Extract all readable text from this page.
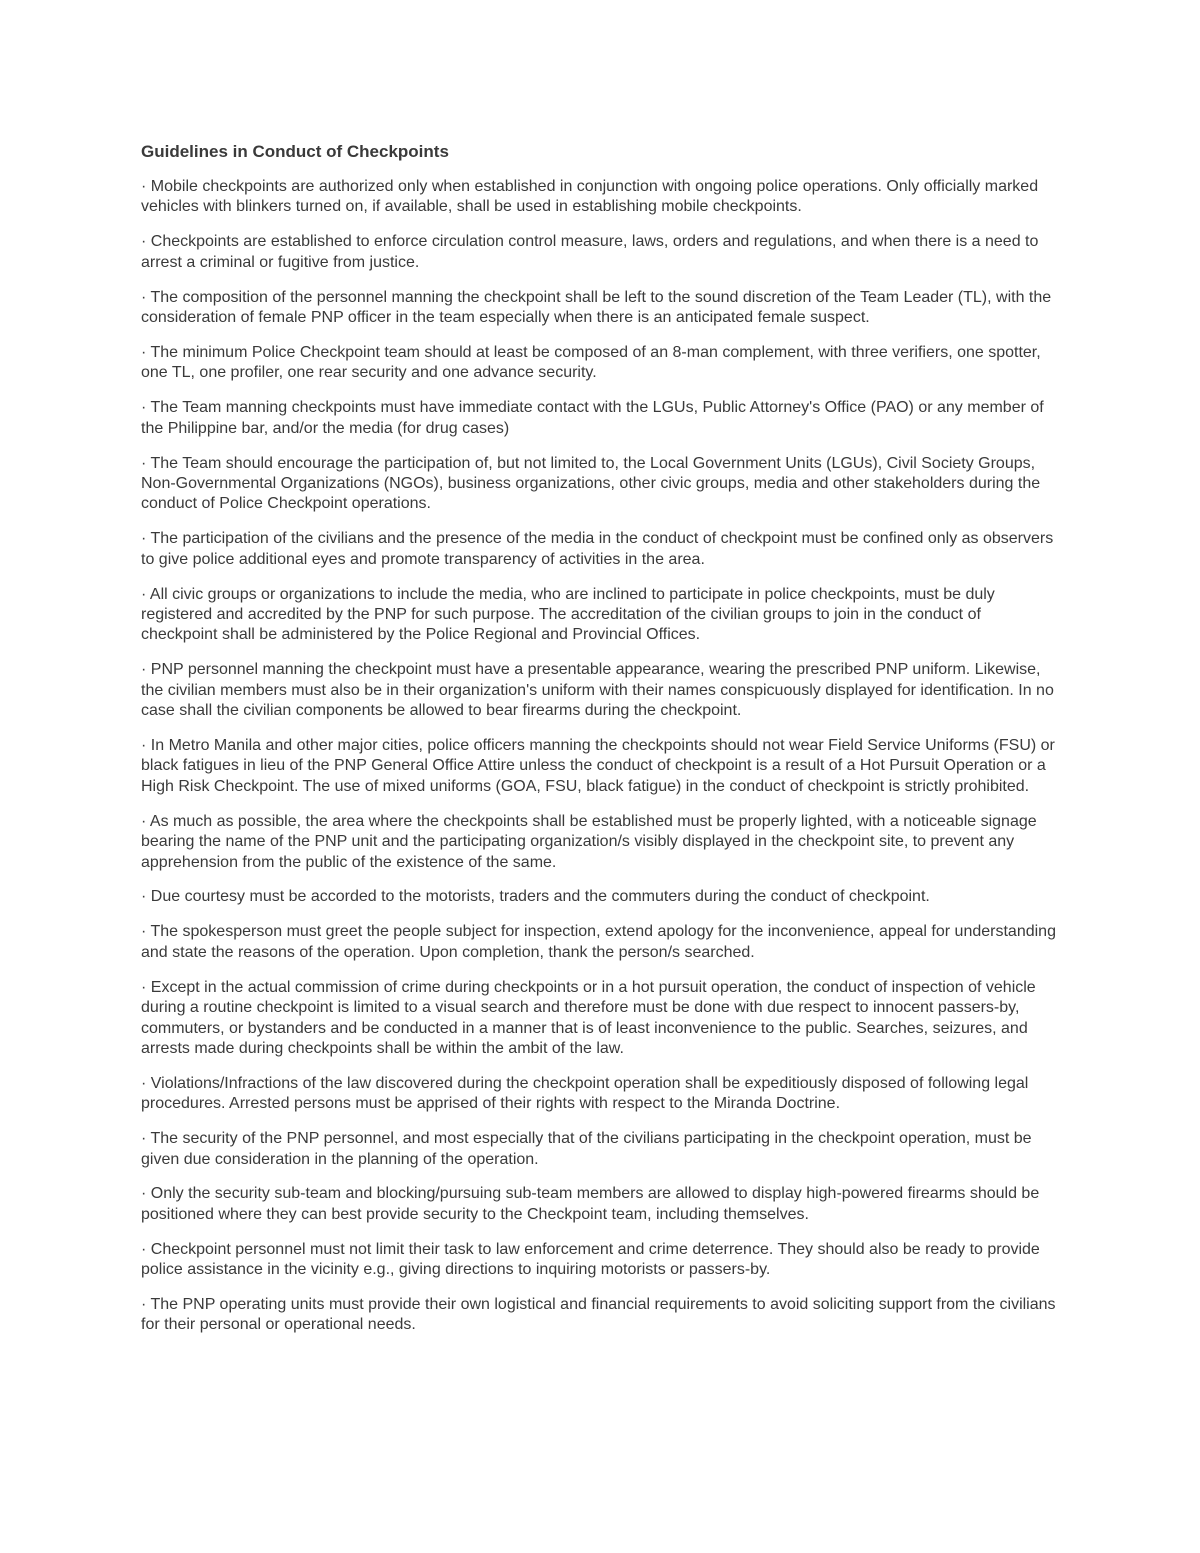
Guidelines in Conduct of Checkpoints
· Mobile checkpoints are authorized only when established in conjunction with ongoing police operations. Only officially marked vehicles with blinkers turned on, if available, shall be used in establishing mobile checkpoints.
· Checkpoints are established to enforce circulation control measure, laws, orders and regulations, and when there is a need to arrest a criminal or fugitive from justice.
· The composition of the personnel manning the checkpoint shall be left to the sound discretion of the Team Leader (TL), with the consideration of female PNP officer in the team especially when there is an anticipated female suspect.
· The minimum Police Checkpoint team should at least be composed of an 8-man complement, with three verifiers, one spotter, one TL, one profiler, one rear security and one advance security.
· The Team manning checkpoints must have immediate contact with the LGUs, Public Attorney's Office (PAO) or any member of the Philippine bar, and/or the media (for drug cases)
· The Team should encourage the participation of, but not limited to, the Local Government Units (LGUs), Civil Society Groups, Non-Governmental Organizations (NGOs), business organizations, other civic groups, media and other stakeholders during the conduct of Police Checkpoint operations.
· The participation of the civilians and the presence of the media in the conduct of checkpoint must be confined only as observers to give police additional eyes and promote transparency of activities in the area.
· All civic groups or organizations to include the media, who are inclined to participate in police checkpoints, must be duly registered and accredited by the PNP for such purpose. The accreditation of the civilian groups to join in the conduct of checkpoint shall be administered by the Police Regional and Provincial Offices.
· PNP personnel manning the checkpoint must have a presentable appearance, wearing the prescribed PNP uniform. Likewise, the civilian members must also be in their organization's uniform with their names conspicuously displayed for identification. In no case shall the civilian components be allowed to bear firearms during the checkpoint.
· In Metro Manila and other major cities, police officers manning the checkpoints should not wear Field Service Uniforms (FSU) or black fatigues in lieu of the PNP General Office Attire unless the conduct of checkpoint is a result of a Hot Pursuit Operation or a High Risk Checkpoint. The use of mixed uniforms (GOA, FSU, black fatigue) in the conduct of checkpoint is strictly prohibited.
· As much as possible, the area where the checkpoints shall be established must be properly lighted, with a noticeable signage bearing the name of the PNP unit and the participating organization/s visibly displayed in the checkpoint site, to prevent any apprehension from the public of the existence of the same.
· Due courtesy must be accorded to the motorists, traders and the commuters during the conduct of checkpoint.
· The spokesperson must greet the people subject for inspection, extend apology for the inconvenience, appeal for understanding and state the reasons of the operation. Upon completion, thank the person/s searched.
· Except in the actual commission of crime during checkpoints or in a hot pursuit operation, the conduct of inspection of vehicle during a routine checkpoint is limited to a visual search and therefore must be done with due respect to innocent passers-by, commuters, or bystanders and be conducted in a manner that is of least inconvenience to the public. Searches, seizures, and arrests made during checkpoints shall be within the ambit of the law.
· Violations/Infractions of the law discovered during the checkpoint operation shall be expeditiously disposed of following legal procedures. Arrested persons must be apprised of their rights with respect to the Miranda Doctrine.
· The security of the PNP personnel, and most especially that of the civilians participating in the checkpoint operation, must be given due consideration in the planning of the operation.
· Only the security sub-team and blocking/pursuing sub-team members are allowed to display high-powered firearms should be positioned where they can best provide security to the Checkpoint team, including themselves.
· Checkpoint personnel must not limit their task to law enforcement and crime deterrence. They should also be ready to provide police assistance in the vicinity e.g., giving directions to inquiring motorists or passers-by.
· The PNP operating units must provide their own logistical and financial requirements to avoid soliciting support from the civilians for their personal or operational needs.
